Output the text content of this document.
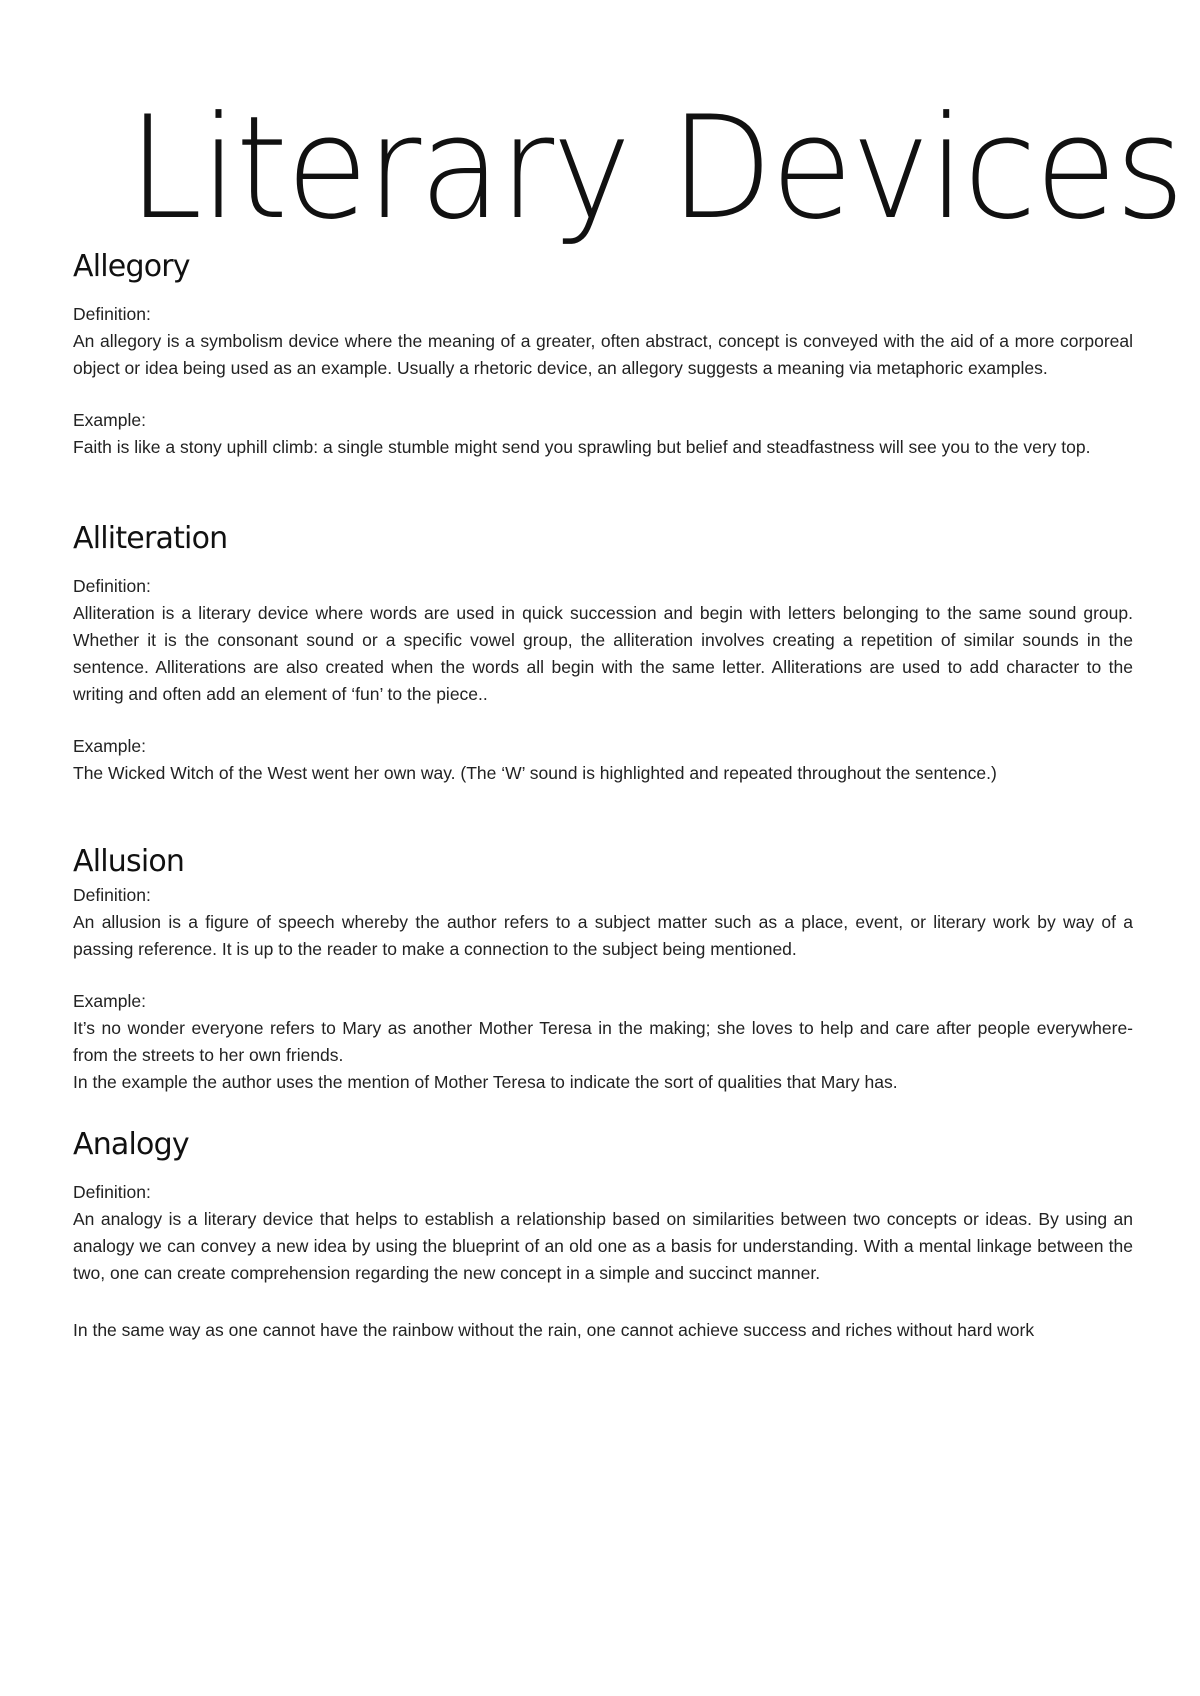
Literary Devices
Allegory
Definition:

An allegory is a symbolism device where the meaning of a greater, often abstract, concept is conveyed with the aid of a more corporeal object or idea being used as an example. Usually a rhetoric device, an allegory suggests a meaning via metaphoric examples.

Example:

Faith is like a stony uphill climb: a single stumble might send you sprawling but belief and steadfastness will see you to the very top.

Alliteration
Definition:

Alliteration is a literary device where words are used in quick succession and begin with letters belonging to the same sound group. Whether it is the consonant sound or a specific vowel group, the alliteration involves creating a repetition of similar sounds in the sentence. Alliterations are also created when the words all begin with the same letter. Alliterations are used to add character to the writing and often add an element of ‘fun’ to the piece..

Example:

The Wicked Witch of the West went her own way. (The ‘W’ sound is highlighted and repeated throughout the sentence.)

Allusion
Definition:

An allusion is a figure of speech whereby the author refers to a subject matter such as a place, event, or literary work by way of a passing reference. It is up to the reader to make a connection to the subject being mentioned.

Example:

It’s no wonder everyone refers to Mary as another Mother Teresa in the making; she loves to help and care after people everywhere- from the streets to her own friends.

In the example the author uses the mention of Mother Teresa to indicate the sort of qualities that Mary has.

Analogy
Definition:

An analogy is a literary device that helps to establish a relationship based on similarities between two concepts or ideas. By using an analogy we can convey a new idea by using the blueprint of an old one as a basis for understanding. With a mental linkage between the two, one can create comprehension regarding the new concept in a simple and succinct manner.

In the same way as one cannot have the rainbow without the rain, one cannot achieve success and riches without hard work
